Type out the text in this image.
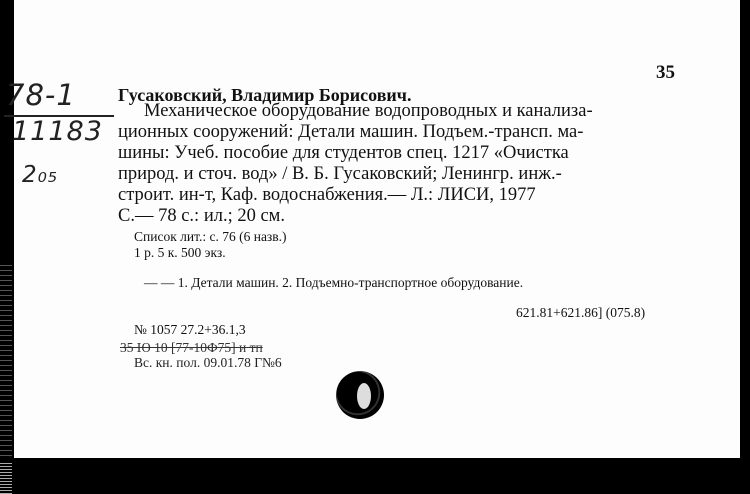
78-1
11183
2₀₅
35
Гусаковский, Владимир Борисович.
Механическое оборудование водопроводных и канализа-
ционных сооружений: Детали машин. Подъем.-трансп. ма-
шины: Учеб. пособие для студентов спец. 1217 «Очистка
природ. и сточ. вод» / В. Б. Гусаковский; Ленингр. инж.-
строит. ин-т, Каф. водоснабжения.— Л.: ЛИСИ, 1977
С.— 78 с.: ил.; 20 см.
Список лит.: с. 76 (6 назв.)
1 р. 5 к. 500 экз.
— — 1. Детали машин. 2. Подъемно-транспортное оборудование.
621.81+621.86] (075.8)
№ 1057 27.2+36.1,3
35 Ю 10 [77-10Ф75] и тп
Вс. кн. пол. 09.01.78 Г№6
